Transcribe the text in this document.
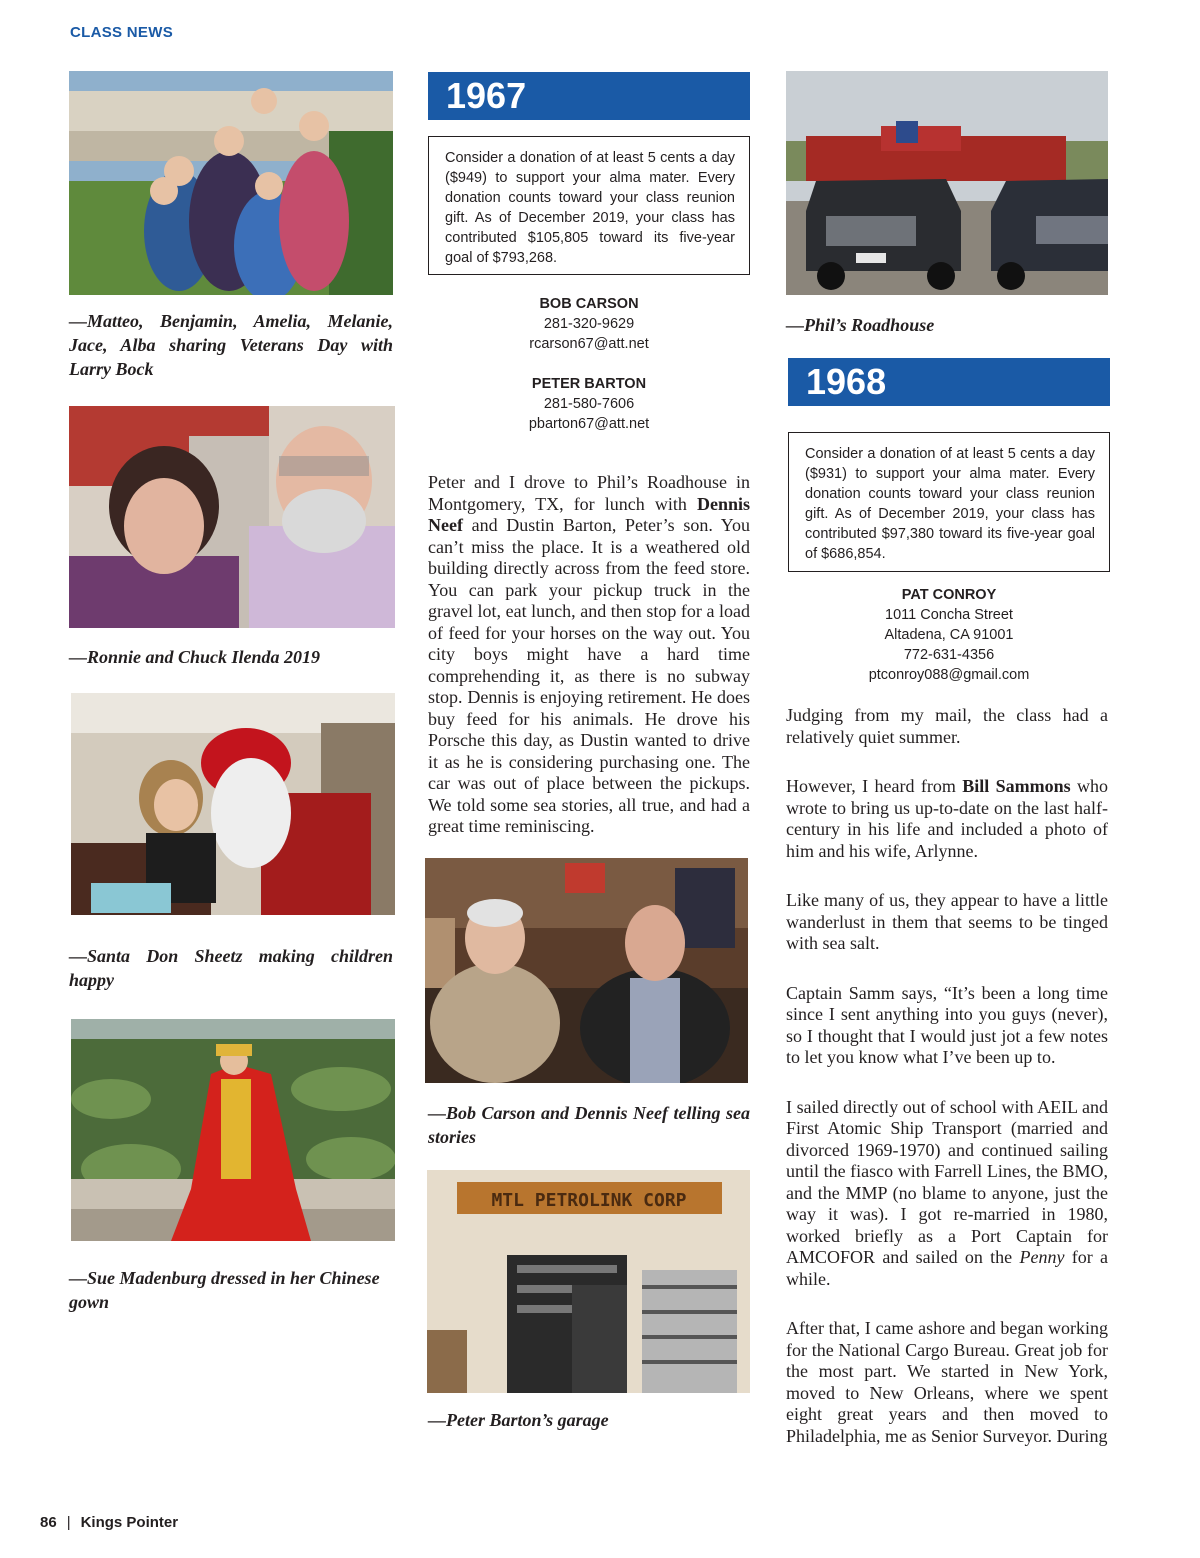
CLASS NEWS
—Matteo, Benjamin, Amelia, Melanie, Jace, Alba sharing Veterans Day with Larry Bock
—Ronnie and Chuck Ilenda 2019
—Santa Don Sheetz making children happy
—Sue Madenburg dressed in her Chinese gown
1967
Consider a donation of at least 5 cents a day ($949) to support your alma mater. Every donation counts toward your class reunion gift. As of December 2019, your class has contributed $105,805 toward its five-year goal of $793,268.
BOB CARSON
281-320-9629
rcarson67@att.net
PETER BARTON
281-580-7606
pbarton67@att.net

Peter and I drove to Phil’s Roadhouse in Montgomery, TX, for lunch with Dennis Neef and Dustin Barton, Peter’s son. You can’t miss the place. It is a weathered old building directly across from the feed store. You can park your pickup truck in the gravel lot, eat lunch, and then stop for a load of feed for your horses on the way out. You city boys might have a hard time comprehending it, as there is no subway stop. Dennis is enjoying retirement. He does buy feed for his animals. He drove his Porsche this day, as Dustin wanted to drive it as he is considering purchasing one. The car was out of place between the pickups. We told some sea stories, all true, and had a great time reminiscing.

—Bob Carson and Dennis Neef telling sea stories
MTL PETROLINK CORP
—Peter Barton’s garage
—Phil’s Roadhouse
1968
Consider a donation of at least 5 cents a day ($931) to support your alma mater. Every donation counts toward your class reunion gift. As of December 2019, your class has contributed $97,380 toward its five-year goal of $686,854.
PAT CONROY
1011 Concha Street
Altadena, CA 91001
772-631-4356
ptconroy088@gmail.com

Judging from my mail, the class had a relatively quiet summer.

However, I heard from Bill Sammons who wrote to bring us up-to-date on the last half-century in his life and included a photo of him and his wife, Arlynne.

Like many of us, they appear to have a little wanderlust in them that seems to be tinged with sea salt.

Captain Samm says, “It’s been a long time since I sent anything into you guys (never), so I thought that I would just jot a few notes to let you know what I’ve been up to.

I sailed directly out of school with AEIL and First Atomic Ship Transport (married and divorced 1969-1970) and continued sailing until the fiasco with Farrell Lines, the BMO, and the MMP (no blame to anyone, just the way it was). I got re-married in 1980, worked briefly as a Port Captain for AMCOFOR and sailed on the Penny for a while.

After that, I came ashore and began working for the National Cargo Bureau. Great job for the most part. We started in New York, moved to New Orleans, where we spent eight great years and then moved to Philadelphia, me as Senior Surveyor. During

86 | Kings Pointer
